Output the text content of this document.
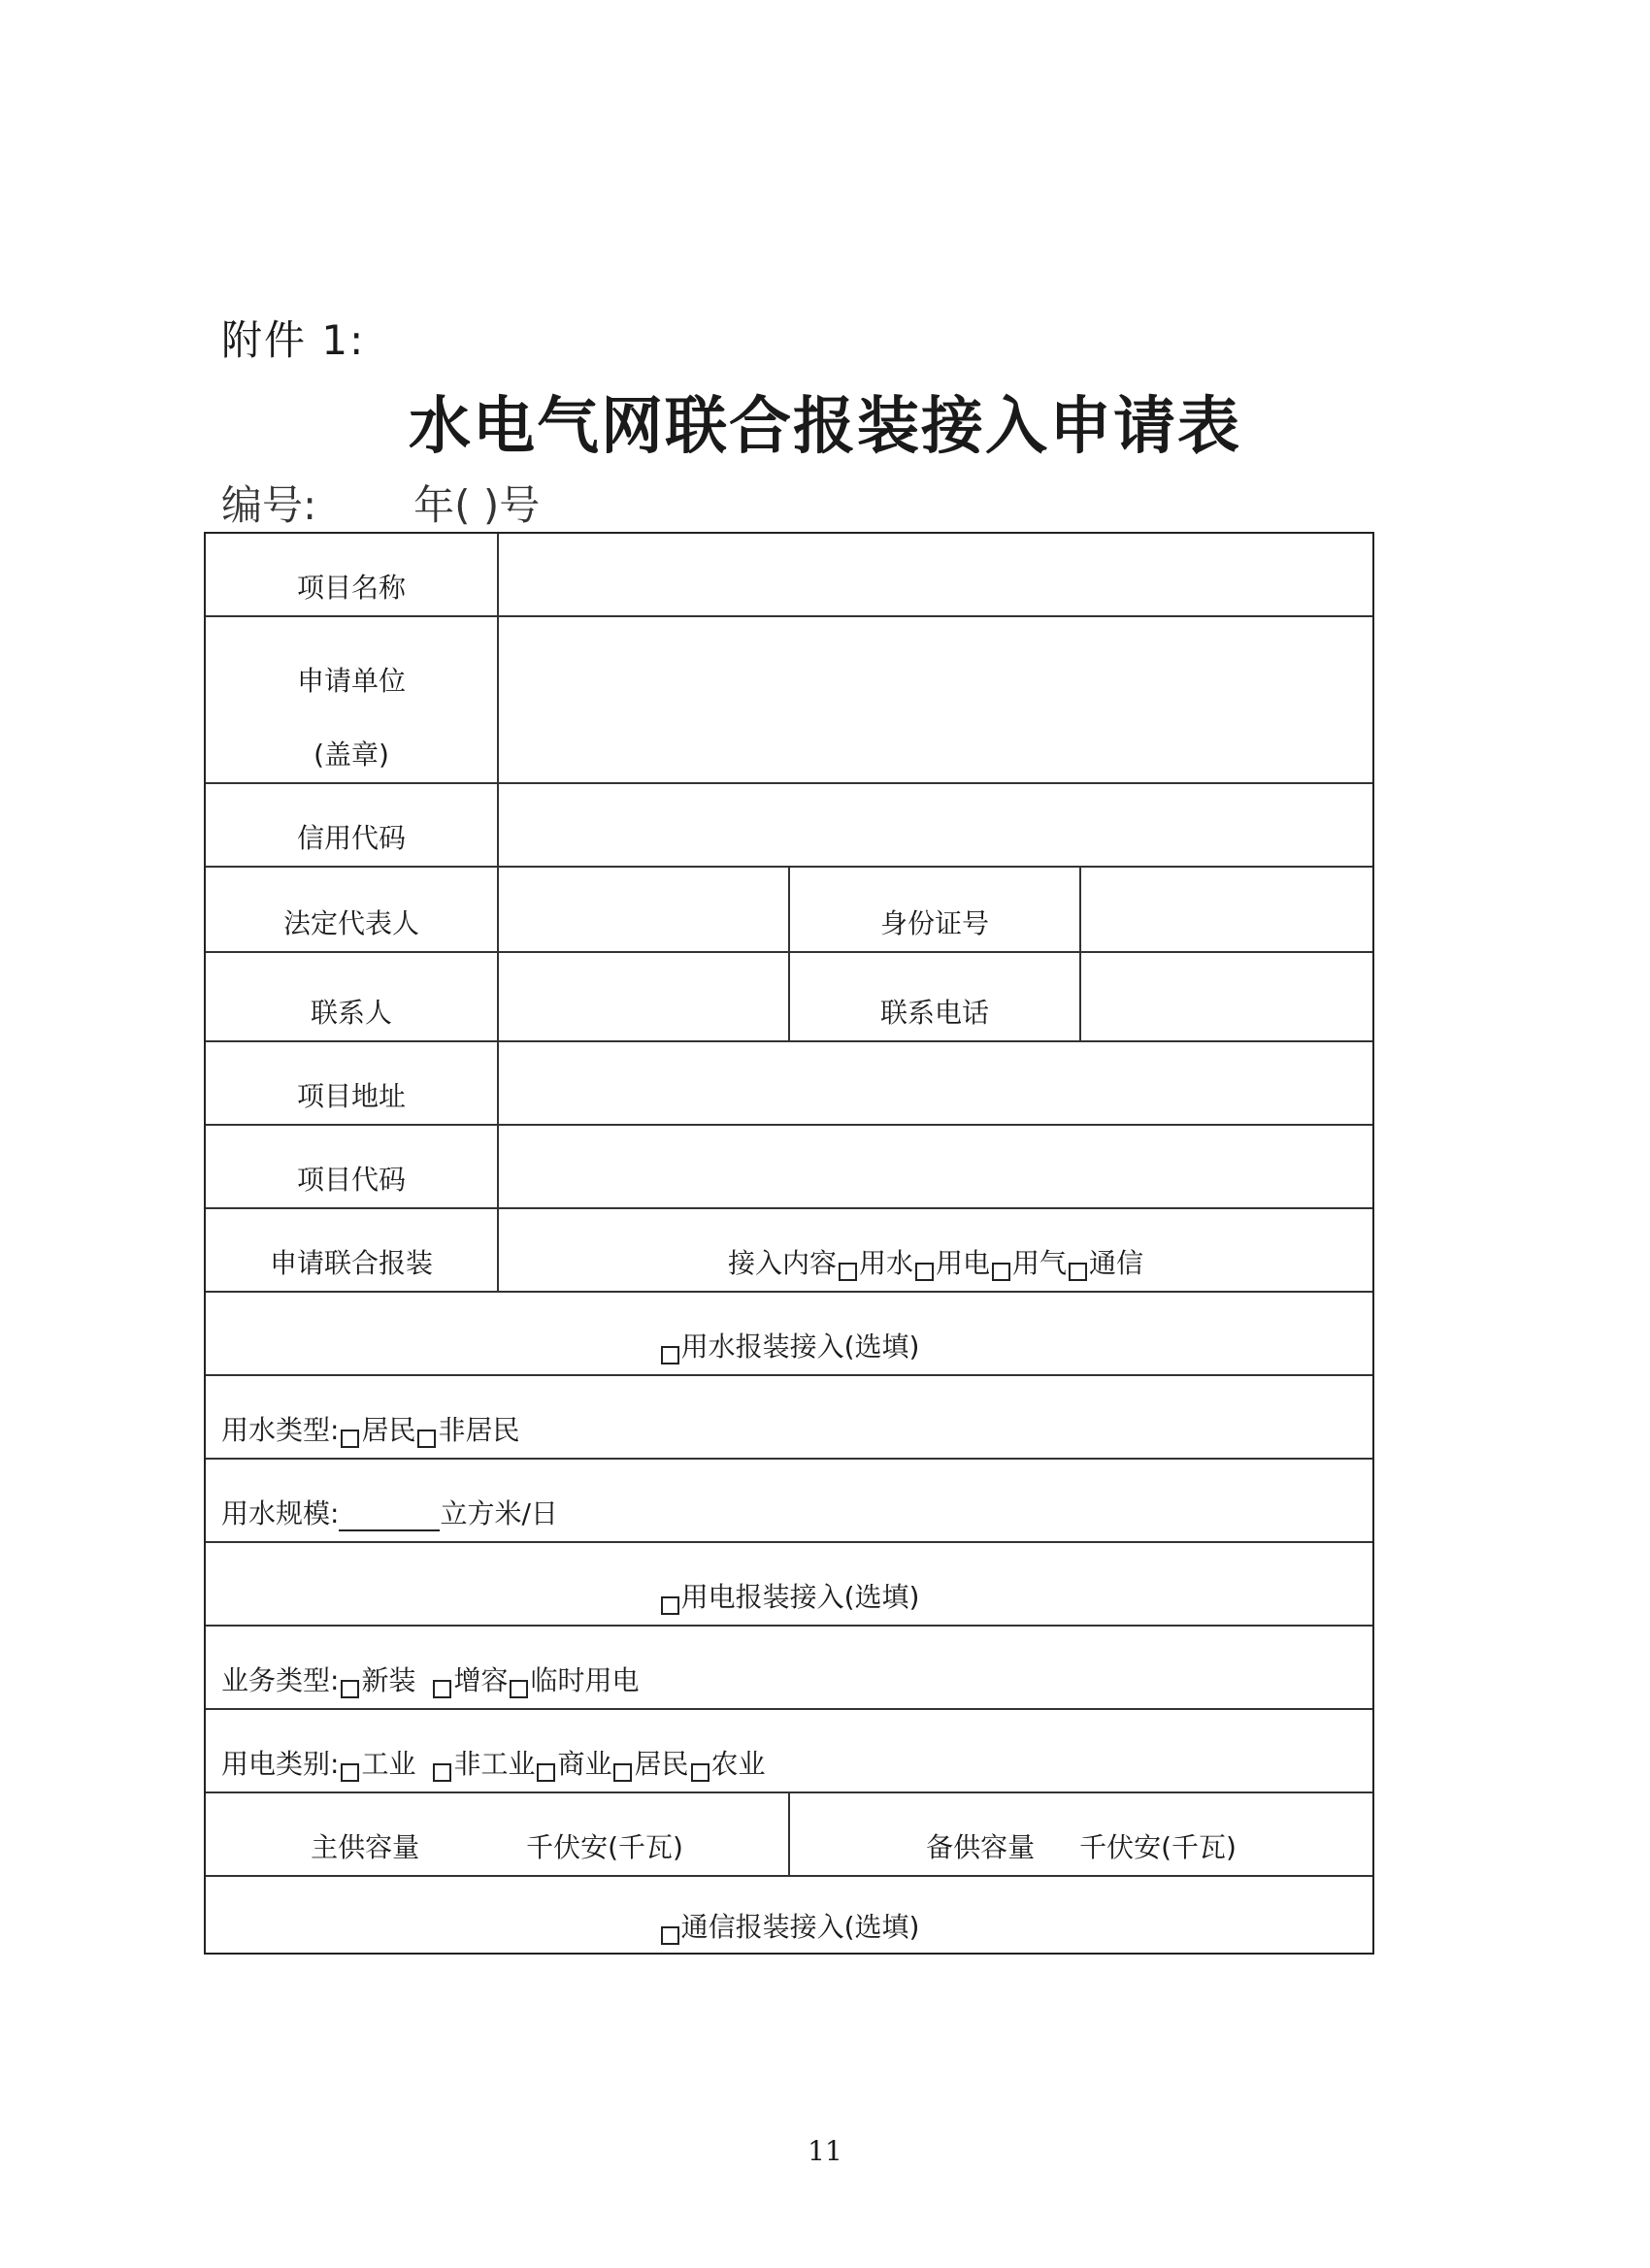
附件 1:
水电气网联合报装接入申请表
编号: 年( )号
项目名称
申请单位
(盖章)
信用代码
法定代表人	身份证号
联系人	联系电话
项目地址
项目代码
申请联合报装	接入内容 用水 用电 用气 通信
用水报装接入(选填)
用水类型: 居民 非居民
用水规模:	立方米/日
用电报装接入(选填)
业务类型: 新装 增容 临时用电
用电类别: 工业 非工业 商业 居民 农业
主供容量	千伏安(千瓦)	备供容量 千伏安(千瓦)
通信报装接入(选填)
11
